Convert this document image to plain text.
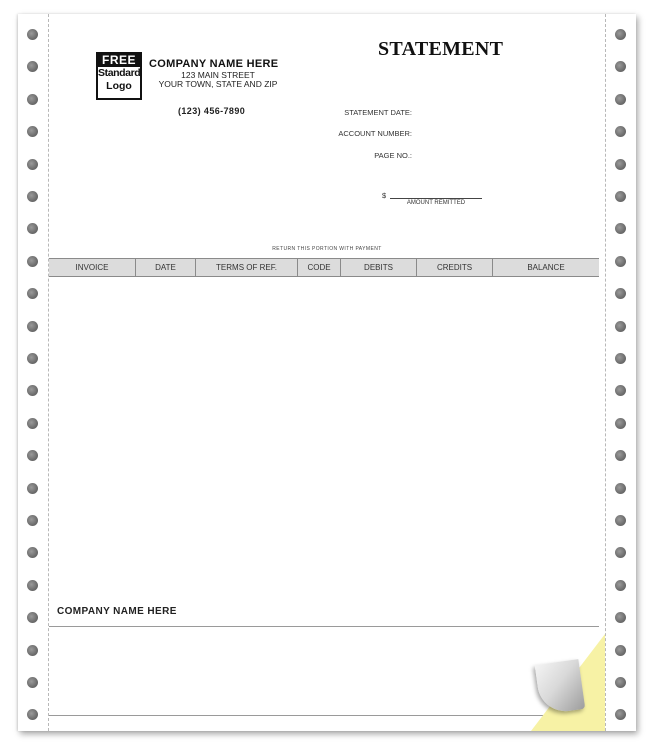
FREE
Standard
Logo
COMPANY NAME HERE
123 MAIN STREET
YOUR TOWN, STATE AND ZIP
(123) 456-7890
STATEMENT
STATEMENT DATE:
ACCOUNT NUMBER:
PAGE NO.:
$
AMOUNT REMITTED
RETURN THIS PORTION WITH PAYMENT
INVOICE	DATE	TERMS OF REF.	CODE	DEBITS	CREDITS	BALANCE
COMPANY NAME HERE
